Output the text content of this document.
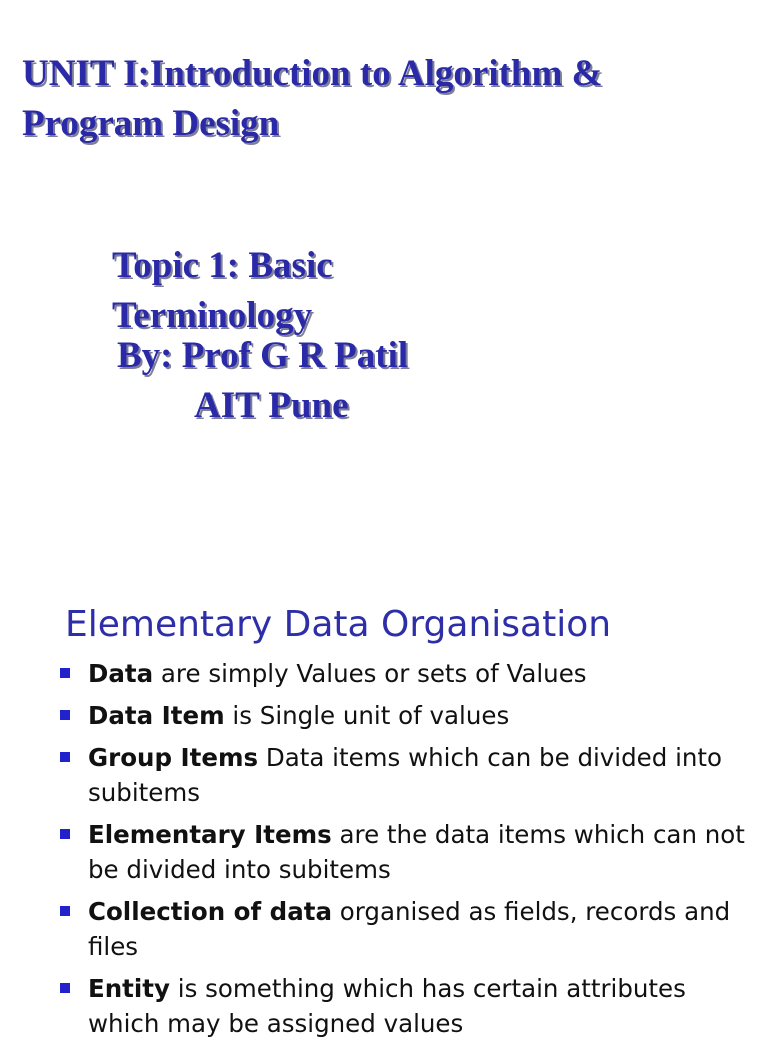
UNIT I:Introduction to Algorithm &
Program Design
Topic 1: Basic
Terminology
By: Prof G R Patil
AIT Pune
Elementary Data Organisation
Data are simply Values or sets of Values
Data Item is Single unit of values
Group Items Data items which can be divided into subitems
Elementary Items are the data items which can not be divided into subitems
Collection of data organised as fields, records and files
Entity is something which has certain attributes which may be assigned values
